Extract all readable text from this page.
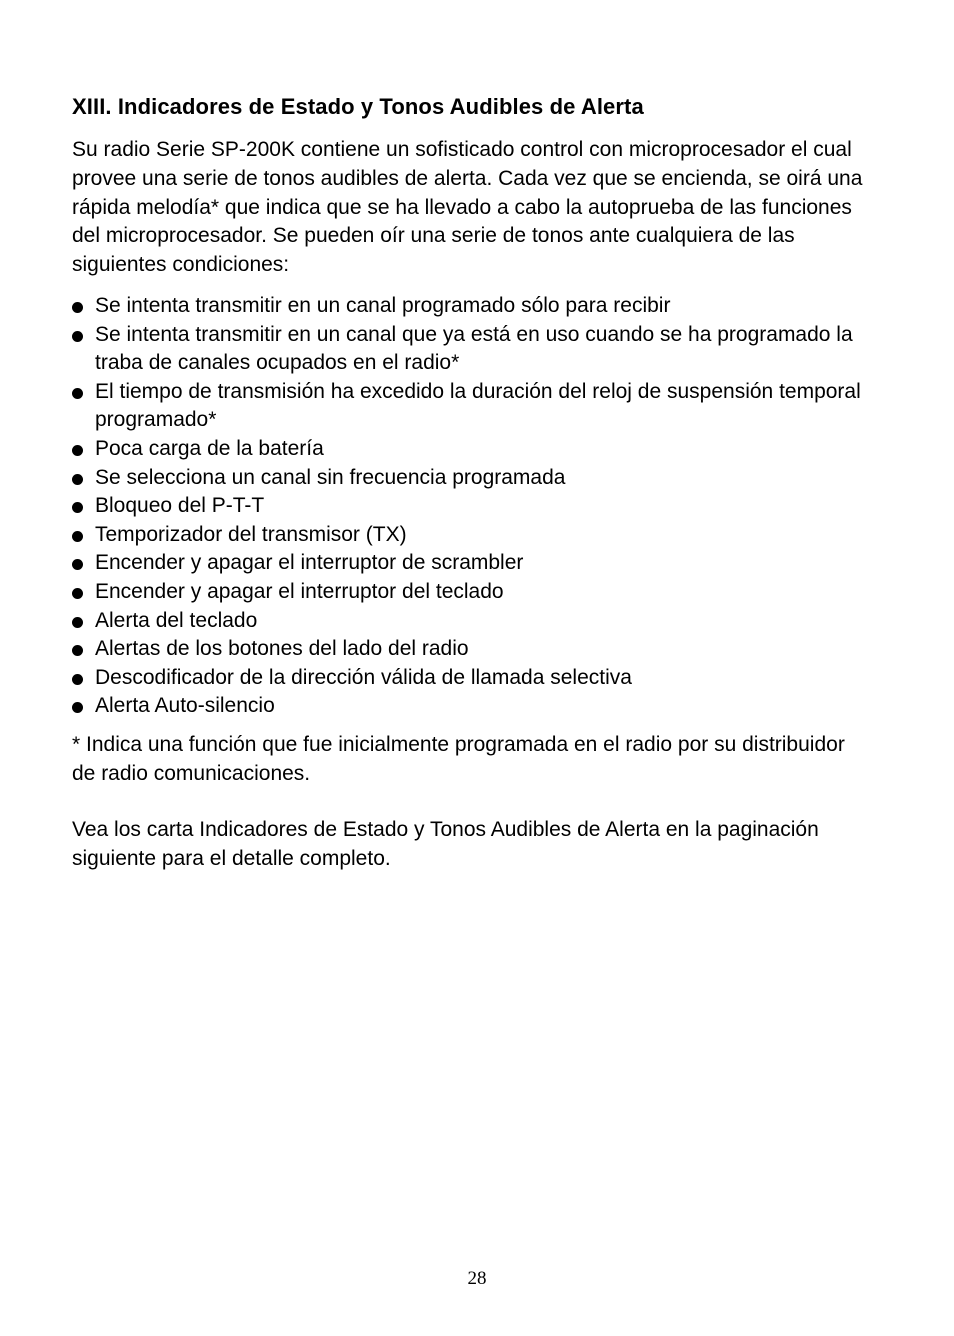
XIII. Indicadores de Estado y Tonos Audibles de Alerta

Su radio Serie SP-200K contiene un sofisticado control con microprocesador el cual provee una serie de tonos audibles de alerta. Cada vez que se encienda, se oirá una rápida melodía* que indica que se ha llevado a cabo la autoprueba de las funciones del microprocesador. Se pueden oír una serie de tonos ante cualquiera de las siguientes condiciones:

Se intenta transmitir en un canal programado sólo para recibir
Se intenta transmitir en un canal que ya está en uso cuando se ha programado la traba de canales ocupados en el radio*
El tiempo de transmisión ha excedido la duración del reloj de suspensión temporal programado*
Poca carga de la batería
Se selecciona un canal sin frecuencia programada
Bloqueo del P-T-T
Temporizador del transmisor (TX)
Encender y apagar el interruptor de scrambler
Encender y apagar el interruptor del teclado
Alerta del teclado
Alertas de los botones del lado del radio
Descodificador de la dirección válida de llamada selectiva
Alerta Auto-silencio

* Indica una función que fue inicialmente programada en el radio por su distribuidor de radio comunicaciones.

Vea los carta Indicadores de Estado y Tonos Audibles de Alerta en la paginación siguiente para el detalle completo.

28
